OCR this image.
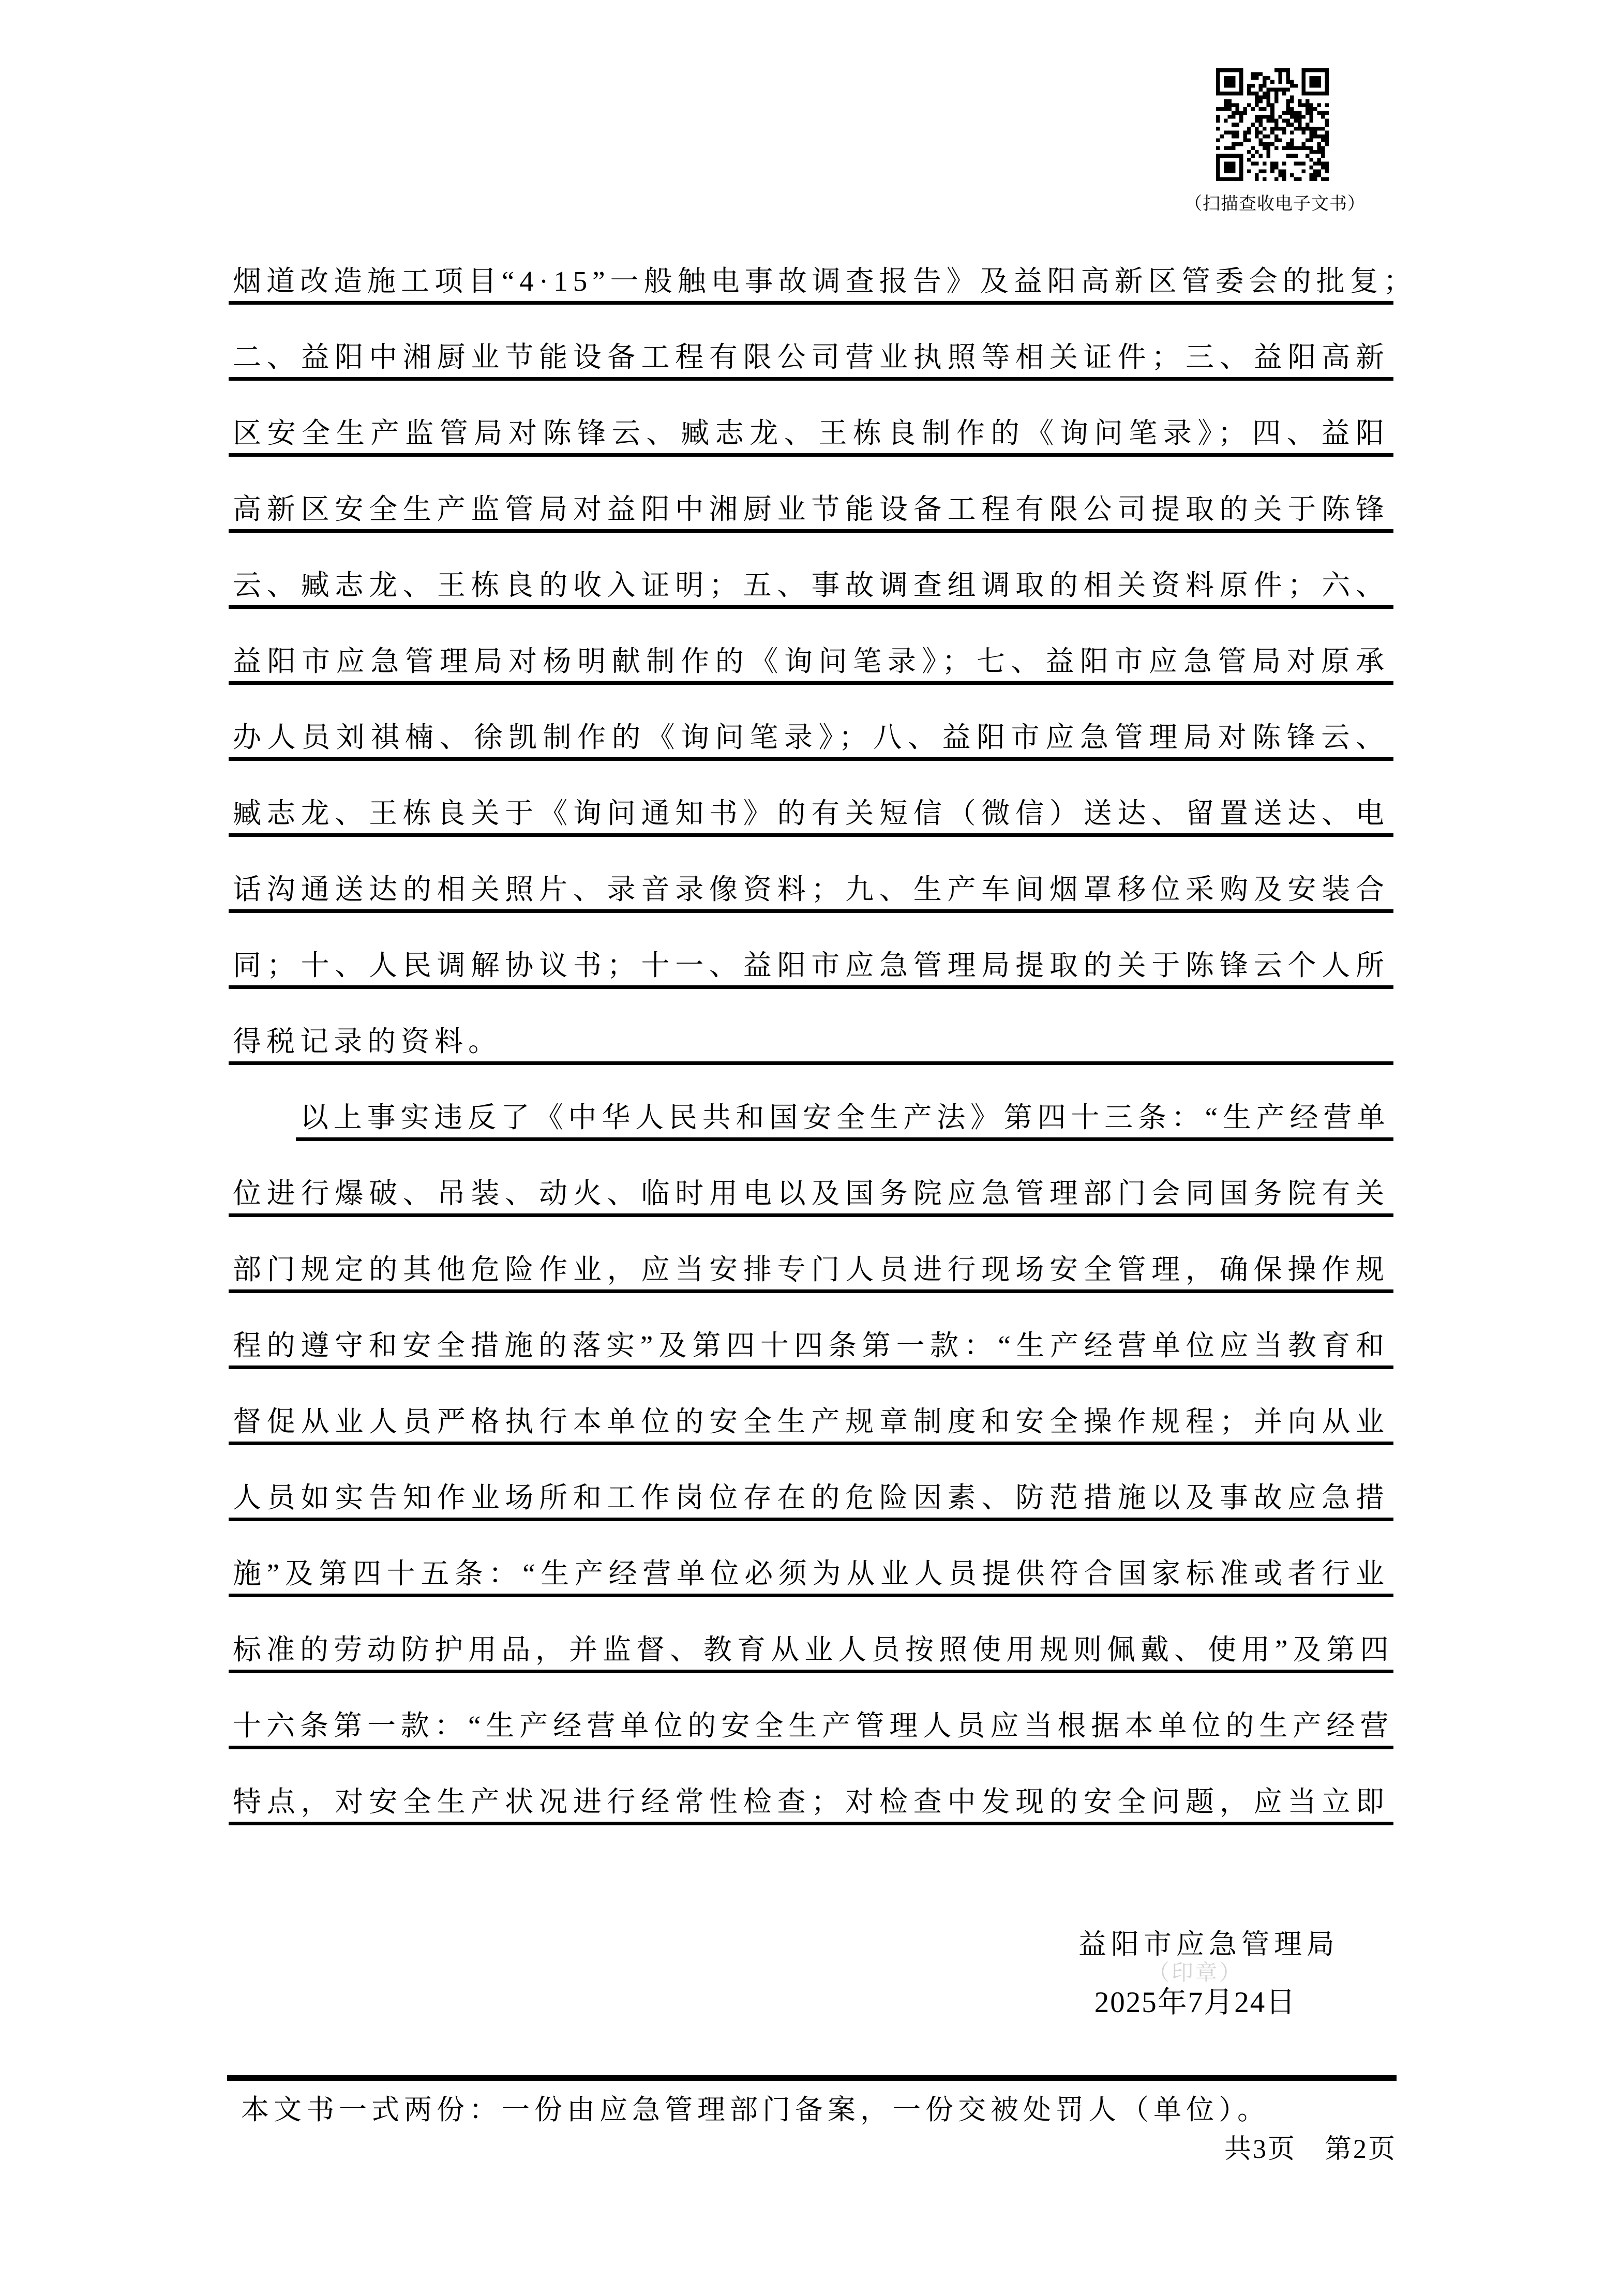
（扫描查收电子文书）
烟道改造施工项目“4·15”一般触电事故调查报告》及益阳高新区管委会的批复；
二、益阳中湘厨业节能设备工程有限公司营业执照等相关证件；三、益阳高新
区安全生产监管局对陈锋云、臧志龙、王栋良制作的《询问笔录》；四、益阳
高新区安全生产监管局对益阳中湘厨业节能设备工程有限公司提取的关于陈锋
云、臧志龙、王栋良的收入证明；五、事故调查组调取的相关资料原件；六、
益阳市应急管理局对杨明献制作的《询问笔录》；七、益阳市应急管局对原承
办人员刘祺楠、徐凯制作的《询问笔录》；八、益阳市应急管理局对陈锋云、
臧志龙、王栋良关于《询问通知书》的有关短信（微信）送达、留置送达、电
话沟通送达的相关照片、录音录像资料；九、生产车间烟罩移位采购及安装合
同；十、人民调解协议书；十一、益阳市应急管理局提取的关于陈锋云个人所
得税记录的资料。
以上事实违反了《中华人民共和国安全生产法》第四十三条：“生产经营单
位进行爆破、吊装、动火、临时用电以及国务院应急管理部门会同国务院有关
部门规定的其他危险作业，应当安排专门人员进行现场安全管理，确保操作规
程的遵守和安全措施的落实”及第四十四条第一款：“生产经营单位应当教育和
督促从业人员严格执行本单位的安全生产规章制度和安全操作规程；并向从业
人员如实告知作业场所和工作岗位存在的危险因素、防范措施以及事故应急措
施”及第四十五条：“生产经营单位必须为从业人员提供符合国家标准或者行业
标准的劳动防护用品，并监督、教育从业人员按照使用规则佩戴、使用”及第四
十六条第一款：“生产经营单位的安全生产管理人员应当根据本单位的生产经营
特点，对安全生产状况进行经常性检查；对检查中发现的安全问题，应当立即
益阳市应急管理局
（印章）
2025年7月24日
本文书一式两份：一份由应急管理部门备案，一份交被处罚人（单位）。
共3页　第2页
